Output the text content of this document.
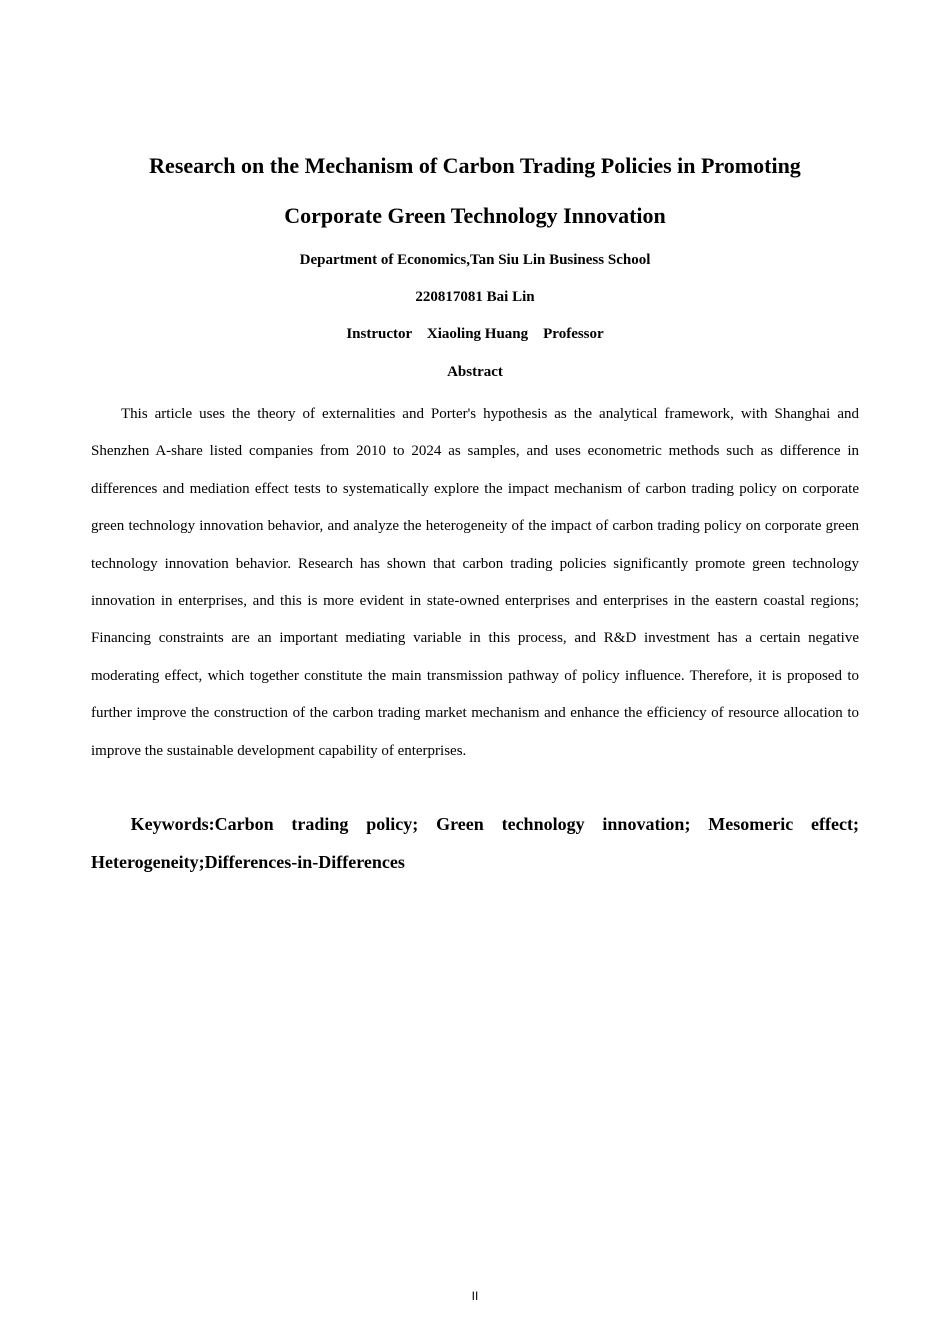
Research on the Mechanism of Carbon Trading Policies in Promoting
Corporate Green Technology Innovation
Department of Economics,Tan Siu Lin Business School
220817081 Bai Lin
Instructor    Xiaoling Huang    Professor
Abstract

This article uses the theory of externalities and Porter's hypothesis as the analytical framework, with Shanghai and Shenzhen A-share listed companies from 2010 to 2024 as samples, and uses econometric methods such as difference in differences and mediation effect tests to systematically explore the impact mechanism of carbon trading policy on corporate green technology innovation behavior, and analyze the heterogeneity of the impact of carbon trading policy on corporate green technology innovation behavior. Research has shown that carbon trading policies significantly promote green technology innovation in enterprises, and this is more evident in state-owned enterprises and enterprises in the eastern coastal regions; Financing constraints are an important mediating variable in this process, and R&D investment has a certain negative moderating effect, which together constitute the main transmission pathway of policy influence. Therefore, it is proposed to further improve the construction of the carbon trading market mechanism and enhance the efficiency of resource allocation to improve the sustainable development capability of enterprises.

Keywords:Carbon trading policy; Green technology innovation; Mesomeric effect; Heterogeneity;Differences-in-Differences

II
